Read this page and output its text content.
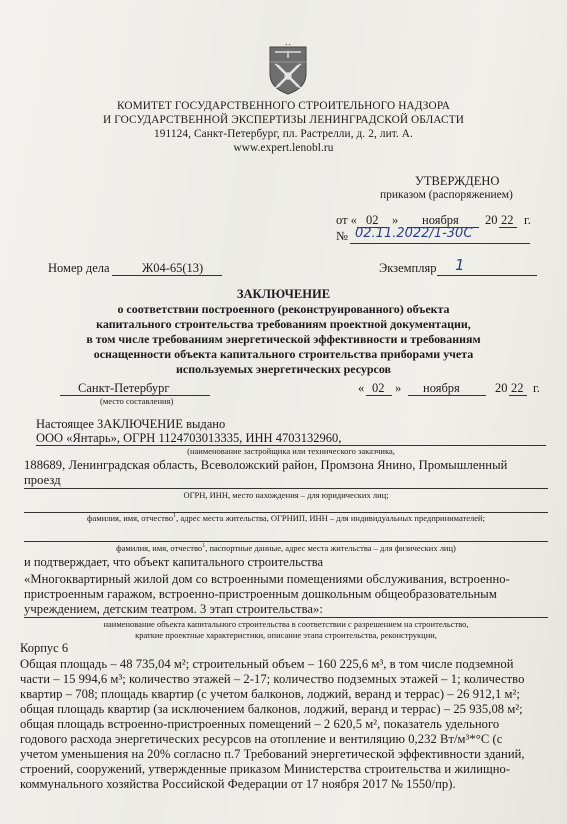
КОМИТЕТ ГОСУДАРСТВЕННОГО СТРОИТЕЛЬНОГО НАДЗОРА
И ГОСУДАРСТВЕННОЙ ЭКСПЕРТИЗЫ ЛЕНИНГРАДСКОЙ ОБЛАСТИ
191124, Санкт-Петербург, пл. Растрелли, д. 2, лит. А.
www.expert.lenobl.ru
УТВЕРЖДЕНО
приказом (распоряжением)
от « 02 » ноября 20 22 г.
№ 02.11.2022/1-30С
Номер дела	Ж04-65(13)	Экземпляр 1
ЗАКЛЮЧЕНИЕ
о соответствии построенного (реконструированного) объекта
капитального строительства требованиям проектной документации,
в том числе требованиям энергетической эффективности и требованиям
оснащенности объекта капитального строительства приборами учета
используемых энергетических ресурсов
Санкт-Петербург
(место составления)
« 02 » ноября	20 22 г.
Настоящее ЗАКЛЮЧЕНИЕ выдано
ООО «Янтарь», ОГРН 1124703013335, ИНН 4703132960,
(наименование застройщика или технического заказчика,
188689, Ленинградская область, Всеволожский район, Промзона Янино, Промышленный
проезд
ОГРН, ИНН, место нахождения – для юридических лиц;
фамилия, имя, отчество$^1$, адрес места жительства, ОГРНИП, ИНН – для индивидуальных предпринимателей;
фамилия, имя, отчество$^1$, паспортные данные, адрес места жительства – для физических лиц)
и подтверждает, что объект капитального строительства
«Многоквартирный жилой дом со встроенными помещениями обслуживания, встроенно-
пристроенным гаражом, встроенно-пристроенным дошкольным общеобразовательным
учреждением, детским театром. 3 этап строительства»:
наименование объекта капитального строительства в соответствии с разрешением на строительство,
краткие проектные характеристики, описание этапа строительства, реконструкции,
Корпус 6
Общая площадь – 48 735,04 м²; строительный объем – 160 225,6 м³, в том числе подземной
части – 15 994,6 м³; количество этажей – 2-17; количество подземных этажей – 1; количество
квартир – 708; площадь квартир (с учетом балконов, лоджий, веранд и террас) – 26 912,1 м²;
общая площадь квартир (за исключением балконов, лоджий, веранд и террас) – 25 935,08 м²;
общая площадь встроенно-пристроенных помещений – 2 620,5 м², показатель удельного
годового расхода энергетических ресурсов на отопление и вентиляцию 0,232 Вт/м³*°С (с
учетом уменьшения на 20% согласно п.7 Требований энергетической эффективности зданий,
строений, сооружений, утвержденные приказом Министерства строительства и жилищно-
коммунального хозяйства Российской Федерации от 17 ноября 2017 № 1550/пр).
